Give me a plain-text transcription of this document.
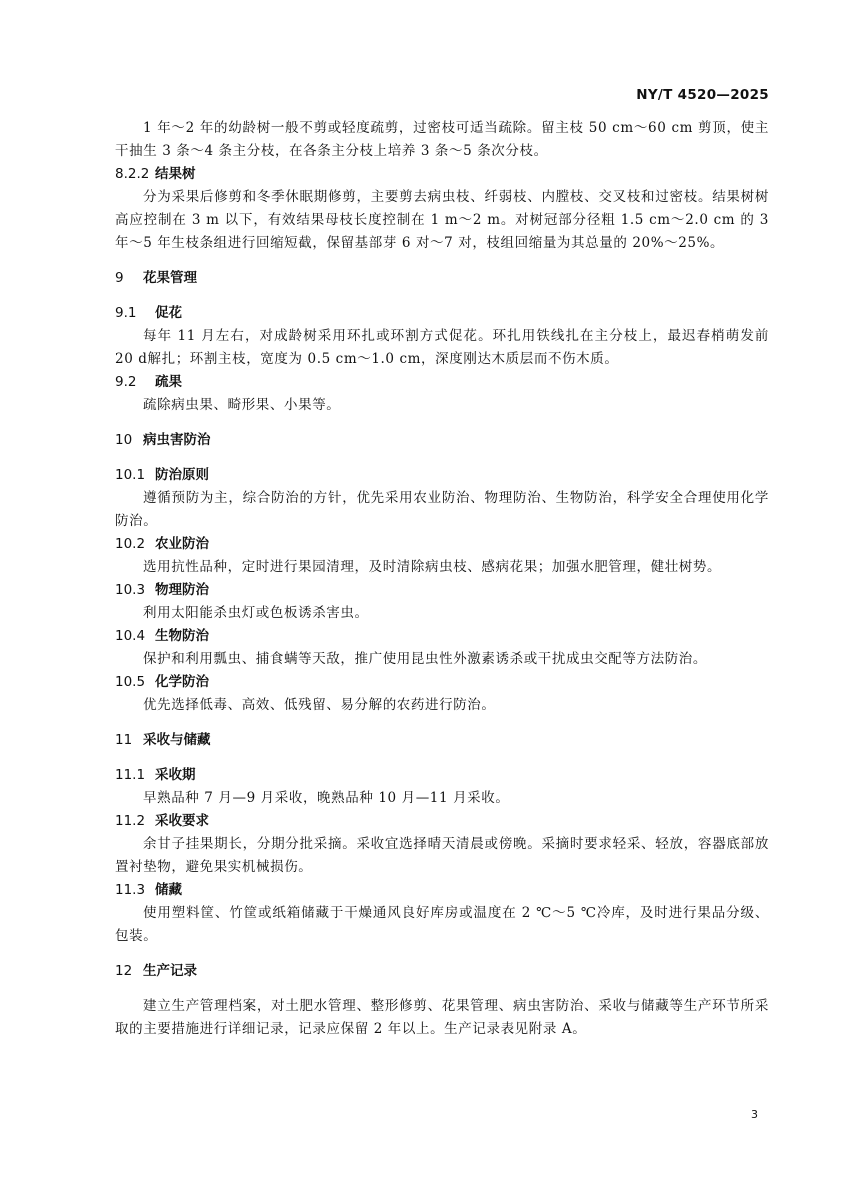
NY/T 4520—2025

1 年～2 年的幼龄树一般不剪或轻度疏剪，过密枝可适当疏除。留主枝 50 cm～60 cm 剪顶，使主干抽生 3 条～4 条主分枝，在各条主分枝上培养 3 条～5 条次分枝。

8.2.2 结果树

分为采果后修剪和冬季休眠期修剪，主要剪去病虫枝、纤弱枝、内膛枝、交叉枝和过密枝。结果树树高应控制在 3 m 以下，有效结果母枝长度控制在 1 m～2 m。对树冠部分径粗 1.5 cm～2.0 cm 的 3 年～5 年生枝条组进行回缩短截，保留基部芽 6 对～7 对，枝组回缩量为其总量的 20%～25%。

9 花果管理

9.1 促花

每年 11 月左右，对成龄树采用环扎或环割方式促花。环扎用铁线扎在主分枝上，最迟春梢萌发前 20 d解扎；环割主枝，宽度为 0.5 cm～1.0 cm，深度刚达木质层而不伤木质。

9.2 疏果

疏除病虫果、畸形果、小果等。

10 病虫害防治

10.1 防治原则

遵循预防为主，综合防治的方针，优先采用农业防治、物理防治、生物防治，科学安全合理使用化学防治。

10.2 农业防治

选用抗性品种，定时进行果园清理，及时清除病虫枝、感病花果；加强水肥管理，健壮树势。

10.3 物理防治

利用太阳能杀虫灯或色板诱杀害虫。

10.4 生物防治

保护和利用瓢虫、捕食螨等天敌，推广使用昆虫性外激素诱杀或干扰成虫交配等方法防治。

10.5 化学防治

优先选择低毒、高效、低残留、易分解的农药进行防治。

11 采收与储藏

11.1 采收期

早熟品种 7 月—9 月采收，晚熟品种 10 月—11 月采收。

11.2 采收要求

余甘子挂果期长，分期分批采摘。采收宜选择晴天清晨或傍晚。采摘时要求轻采、轻放，容器底部放置衬垫物，避免果实机械损伤。

11.3 储藏

使用塑料筐、竹筐或纸箱储藏于干燥通风良好库房或温度在 2 ℃～5 ℃冷库，及时进行果品分级、包装。

12 生产记录

建立生产管理档案，对土肥水管理、整形修剪、花果管理、病虫害防治、采收与储藏等生产环节所采取的主要措施进行详细记录，记录应保留 2 年以上。生产记录表见附录 A。

3
